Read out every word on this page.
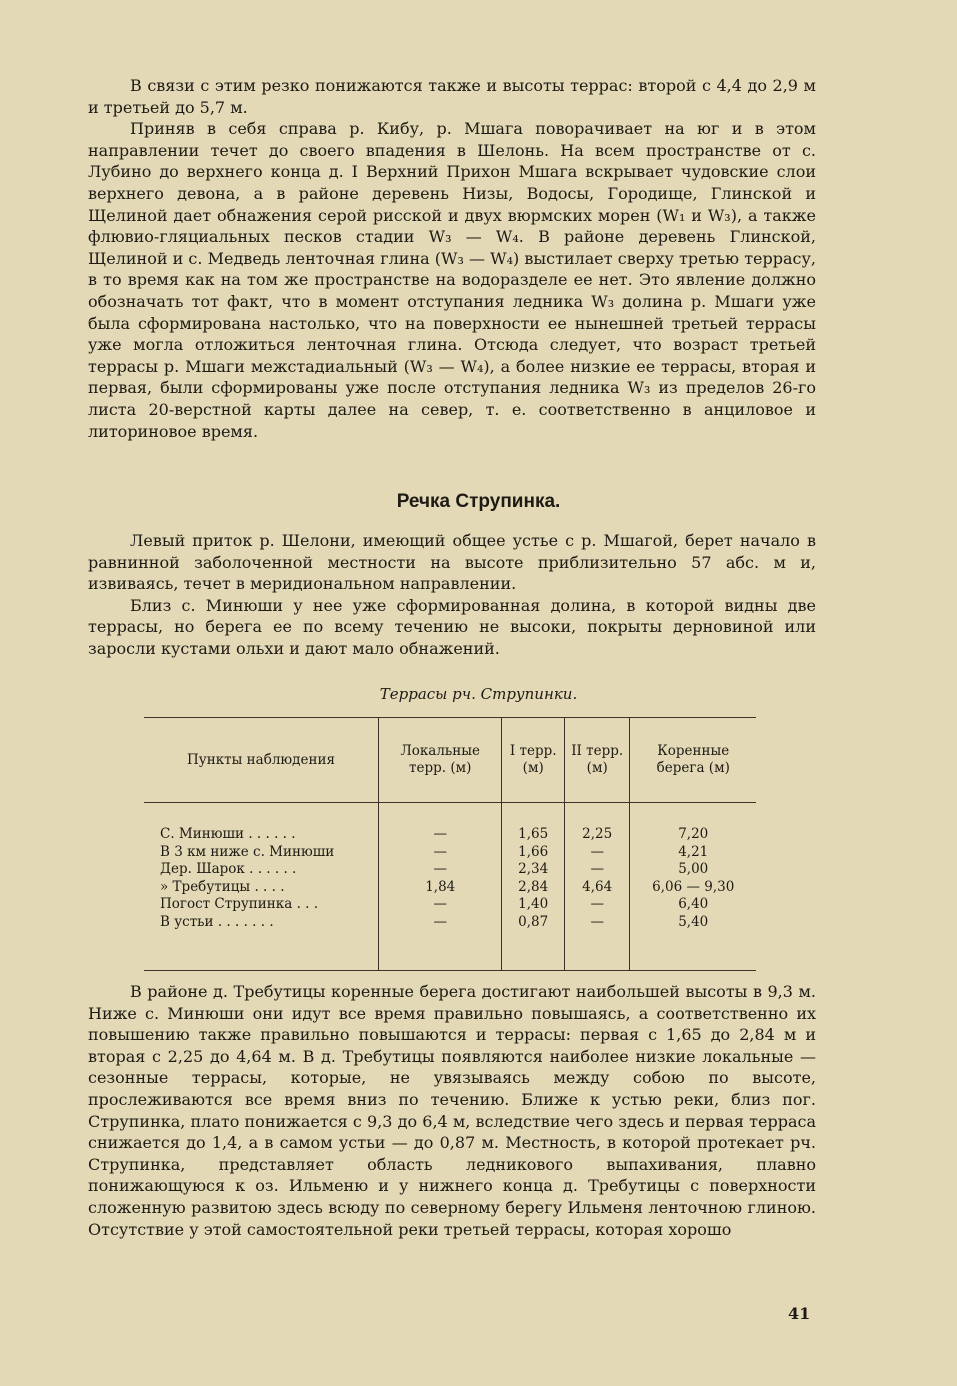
В связи с этим резко понижаются также и высоты террас: второй с 4,4 до 2,9 м и третьей до 5,7 м.

Приняв в себя справа р. Кибу, р. Мшага поворачивает на юг и в этом направлении течет до своего впадения в Шелонь. На всем пространстве от с. Лубино до верхнего конца д. I Верхний Прихон Мшага вскрывает чудовские слои верхнего девона, а в районе деревень Низы, Водосы, Городище, Глинской и Щелиной дает обнажения серой рисской и двух вюрмских морен (W₁ и W₃), а также флювио-гляциальных песков стадии W₃ — W₄. В районе деревень Глинской, Щелиной и с. Медведь ленточная глина (W₃ — W₄) выстилает сверху третью террасу, в то время как на том же пространстве на водоразделе ее нет. Это явление должно обозначать тот факт, что в момент отступания ледника W₃ долина р. Мшаги уже была сформирована настолько, что на поверхности ее нынешней третьей террасы уже могла отложиться ленточная глина. Отсюда следует, что возраст третьей террасы р. Мшаги межстадиальный (W₃ — W₄), а более низкие ее террасы, вторая и первая, были сформированы уже после отступания ледника W₃ из пределов 26-го листа 20-верстной карты далее на север, т. е. соответственно в анциловое и литориновое время.

Речка Струпинка.

Левый приток р. Шелони, имеющий общее устье с р. Мшагой, берет начало в равнинной заболоченной местности на высоте приблизительно 57 абс. м и, извиваясь, течет в меридиональном направлении.

Близ с. Минюши у нее уже сформированная долина, в которой видны две террасы, но берега ее по всему течению не высоки, покрыты дерновиной или заросли кустами ольхи и дают мало обнажений.

Террасы рч. Струпинки.
Пункты наблюдения	Локальные терр. (м)	I терр. (м)	II терр. (м)	Коренные берега (м)

С. Минюши . . . . . .	—	1,65	2,25	7,20
В 3 км ниже с. Минюши	—	1,66	—	4,21
Дер. Шарок . . . . . .	—	2,34	—	5,00
» Требутицы . . . .	1,84	2,84	4,64	6,06 — 9,30
Погост Струпинка . . .	—	1,40	—	6,40
В устьи . . . . . . .	—	0,87	—	5,40

В районе д. Требутицы коренные берега достигают наибольшей высоты в 9,3 м. Ниже с. Минюши они идут все время правильно повышаясь, а соответственно их повышению также правильно повышаются и террасы: первая с 1,65 до 2,84 м и вторая с 2,25 до 4,64 м. В д. Требутицы появляются наиболее низкие локальные — сезонные террасы, которые, не увязываясь между собою по высоте, прослеживаются все время вниз по течению. Ближе к устью реки, близ пог. Струпинка, плато понижается с 9,3 до 6,4 м, вследствие чего здесь и первая терраса снижается до 1,4, а в самом устьи — до 0,87 м. Местность, в которой протекает рч. Струпинка, представляет область ледникового выпахивания, плавно понижающуюся к оз. Ильменю и у нижнего конца д. Требутицы с поверхности сложенную развитою здесь всюду по северному берегу Ильменя ленточною глиною. Отсутствие у этой самостоятельной реки третьей террасы, которая хорошо

41
